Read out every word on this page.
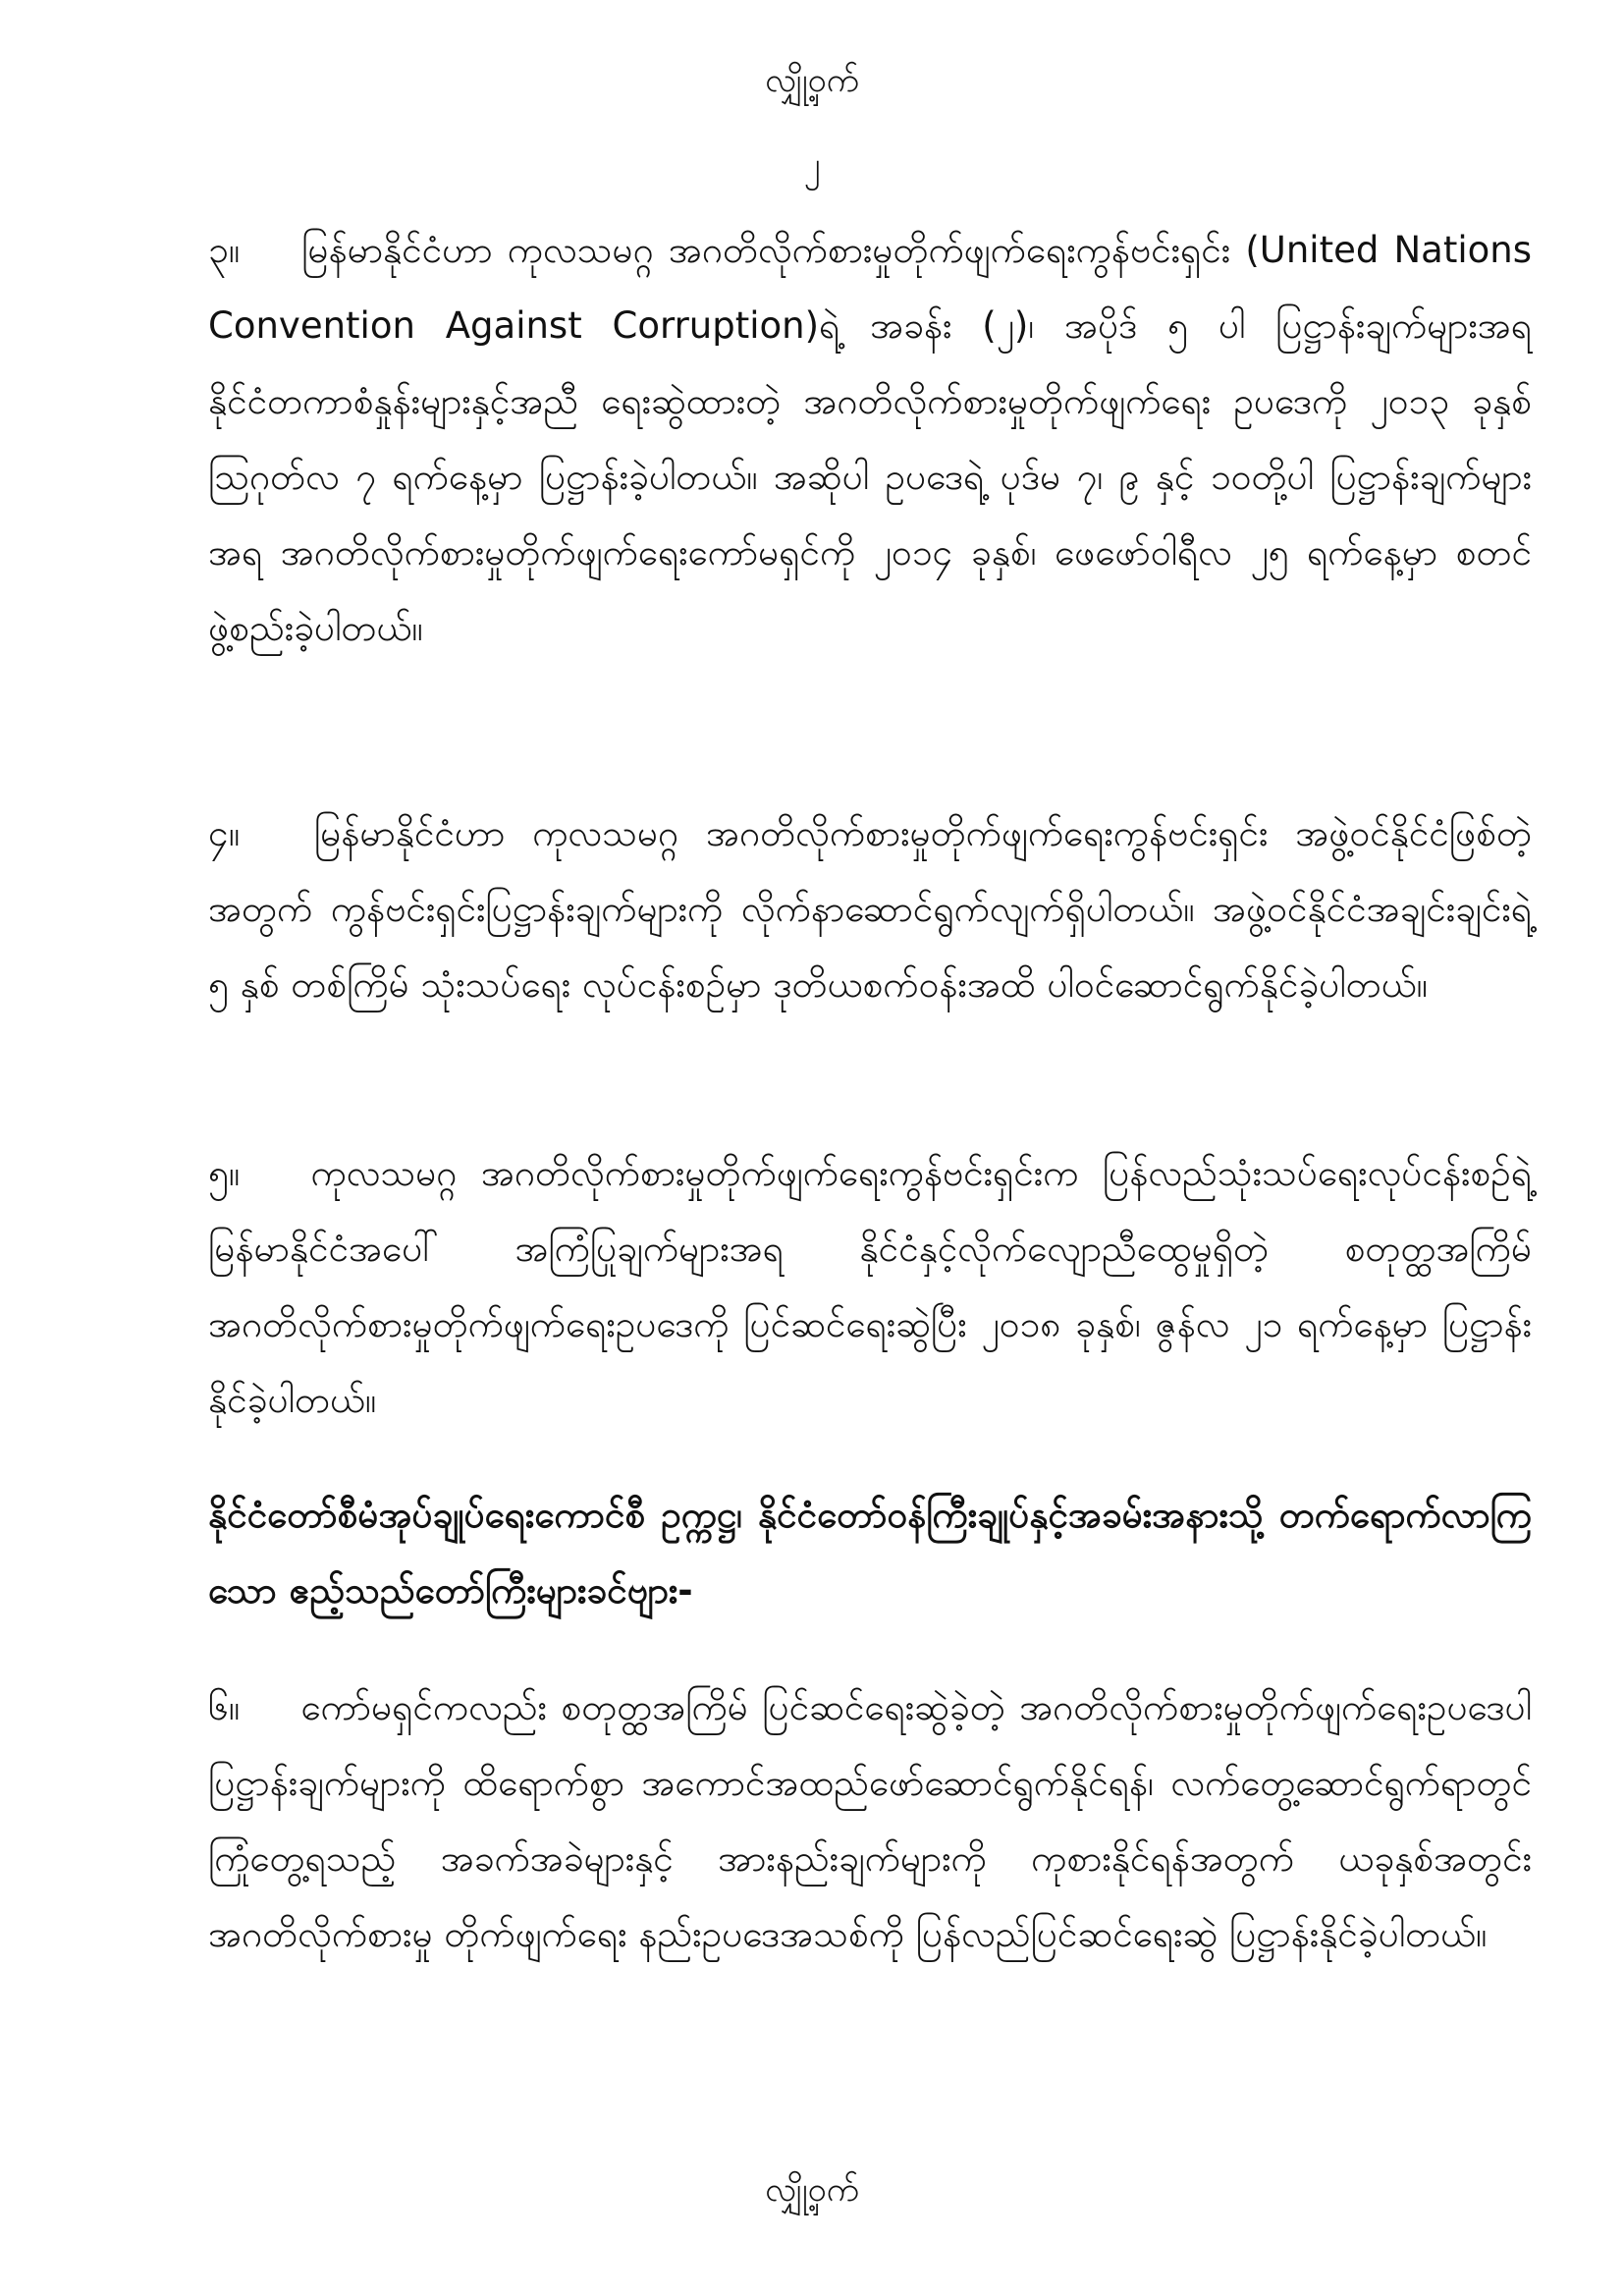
လျှို့ဝှက်
၂

၃။ မြန်မာနိုင်ငံဟာ ကုလသမဂ္ဂ အဂတိလိုက်စားမှုတိုက်ဖျက်ရေးကွန်ဗင်းရှင်း (United Nations Convention Against Corruption)ရဲ့ အခန်း (၂)၊ အပိုဒ် ၅ ပါ ပြဋ္ဌာန်းချက်များအရ နိုင်ငံတကာစံနှုန်းများနှင့်အညီ ရေးဆွဲထားတဲ့ အဂတိလိုက်စားမှုတိုက်ဖျက်ရေး ဥပဒေကို ၂၀၁၃ ခုနှစ် ဩဂုတ်လ ၇ ရက်နေ့မှာ ပြဋ္ဌာန်းခဲ့ပါတယ်။ အဆိုပါ ဥပဒေရဲ့ ပုဒ်မ ၇၊ ၉ နှင့် ၁၀တို့ပါ ပြဋ္ဌာန်းချက်များအရ အဂတိလိုက်စားမှုတိုက်ဖျက်ရေးကော်မရှင်ကို ၂၀၁၄ ခုနှစ်၊ ဖေဖော်ဝါရီလ ၂၅ ရက်နေ့မှာ စတင်ဖွဲ့စည်းခဲ့ပါတယ်။

၄။ မြန်မာနိုင်ငံဟာ ကုလသမဂ္ဂ အဂတိလိုက်စားမှုတိုက်ဖျက်ရေးကွန်ဗင်းရှင်း အဖွဲ့ဝင်နိုင်ငံဖြစ်တဲ့အတွက် ကွန်ဗင်းရှင်းပြဋ္ဌာန်းချက်များကို လိုက်နာဆောင်ရွက်လျက်ရှိပါတယ်။ အဖွဲ့ဝင်နိုင်ငံအချင်းချင်းရဲ့ ၅ နှစ် တစ်ကြိမ် သုံးသပ်ရေး လုပ်ငန်းစဉ်မှာ ဒုတိယစက်ဝန်းအထိ ပါဝင်ဆောင်ရွက်နိုင်ခဲ့ပါတယ်။

၅။ ကုလသမဂ္ဂ အဂတိလိုက်စားမှုတိုက်ဖျက်ရေးကွန်ဗင်းရှင်းက ပြန်လည်သုံးသပ်ရေးလုပ်ငန်းစဉ်ရဲ့ မြန်မာနိုင်ငံအပေါ် အကြံပြုချက်များအရ နိုင်ငံနှင့်လိုက်လျောညီထွေမှုရှိတဲ့ စတုတ္ထအကြိမ် အဂတိလိုက်စားမှုတိုက်ဖျက်ရေးဥပဒေကို ပြင်ဆင်ရေးဆွဲပြီး ၂၀၁၈ ခုနှစ်၊ ဇွန်လ ၂၁ ရက်နေ့မှာ ပြဋ္ဌာန်းနိုင်ခဲ့ပါတယ်။

နိုင်ငံတော်စီမံအုပ်ချုပ်ရေးကောင်စီ ဥက္ကဋ္ဌ၊ နိုင်ငံတော်ဝန်ကြီးချုပ်နှင့်အခမ်းအနားသို့ တက်ရောက်လာကြသော ဧည့်သည်တော်ကြီးများခင်ဗျား-

၆။ ကော်မရှင်ကလည်း စတုတ္ထအကြိမ် ပြင်ဆင်ရေးဆွဲခဲ့တဲ့ အဂတိလိုက်စားမှုတိုက်ဖျက်ရေးဥပဒေပါ ပြဋ္ဌာန်းချက်များကို ထိရောက်စွာ အကောင်အထည်ဖော်ဆောင်ရွက်နိုင်ရန်၊ လက်တွေ့ဆောင်ရွက်ရာတွင် ကြုံတွေ့ရသည့် အခက်အခဲများနှင့် အားနည်းချက်များကို ကုစားနိုင်ရန်အတွက် ယခုနှစ်အတွင်း အဂတိလိုက်စားမှု တိုက်ဖျက်ရေး နည်းဥပဒေအသစ်ကို ပြန်လည်ပြင်ဆင်ရေးဆွဲ ပြဋ္ဌာန်းနိုင်ခဲ့ပါတယ်။

လျှို့ဝှက်
